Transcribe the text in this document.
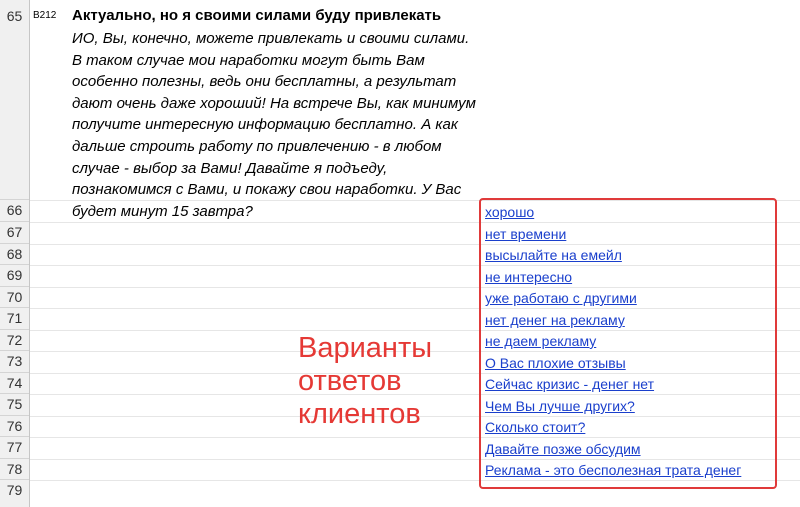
65
66
67
68
69
70
71
72
73
74
75
76
77
78
79
B212 Актуально, но я своими силами буду привлекать
ИО, Вы, конечно, можете привлекать и своими силами.
В таком случае мои наработки могут быть Вам
особенно полезны, ведь они бесплатны, а результат
дают очень даже хороший! На встрече Вы, как минимум
получите интересную информацию бесплатно. А как
дальше строить работу по привлечению - в любом
случае - выбор за Вами! Давайте я подъеду,
познакомимся с Вами, и покажу свои наработки. У Вас
будет минут 15 завтра?	хорошо
нет времени
высылайте на емейл
не интересно
уже работаю с другими
нет денег на рекламу
не даем рекламу
О Вас плохие отзывы
Сейчас кризис - денег нет
Чем Вы лучше других?
Сколько стоит?
Давайте позже обсудим
Реклама - это бесполезная трата денег
Варианты
ответов
клиентов
